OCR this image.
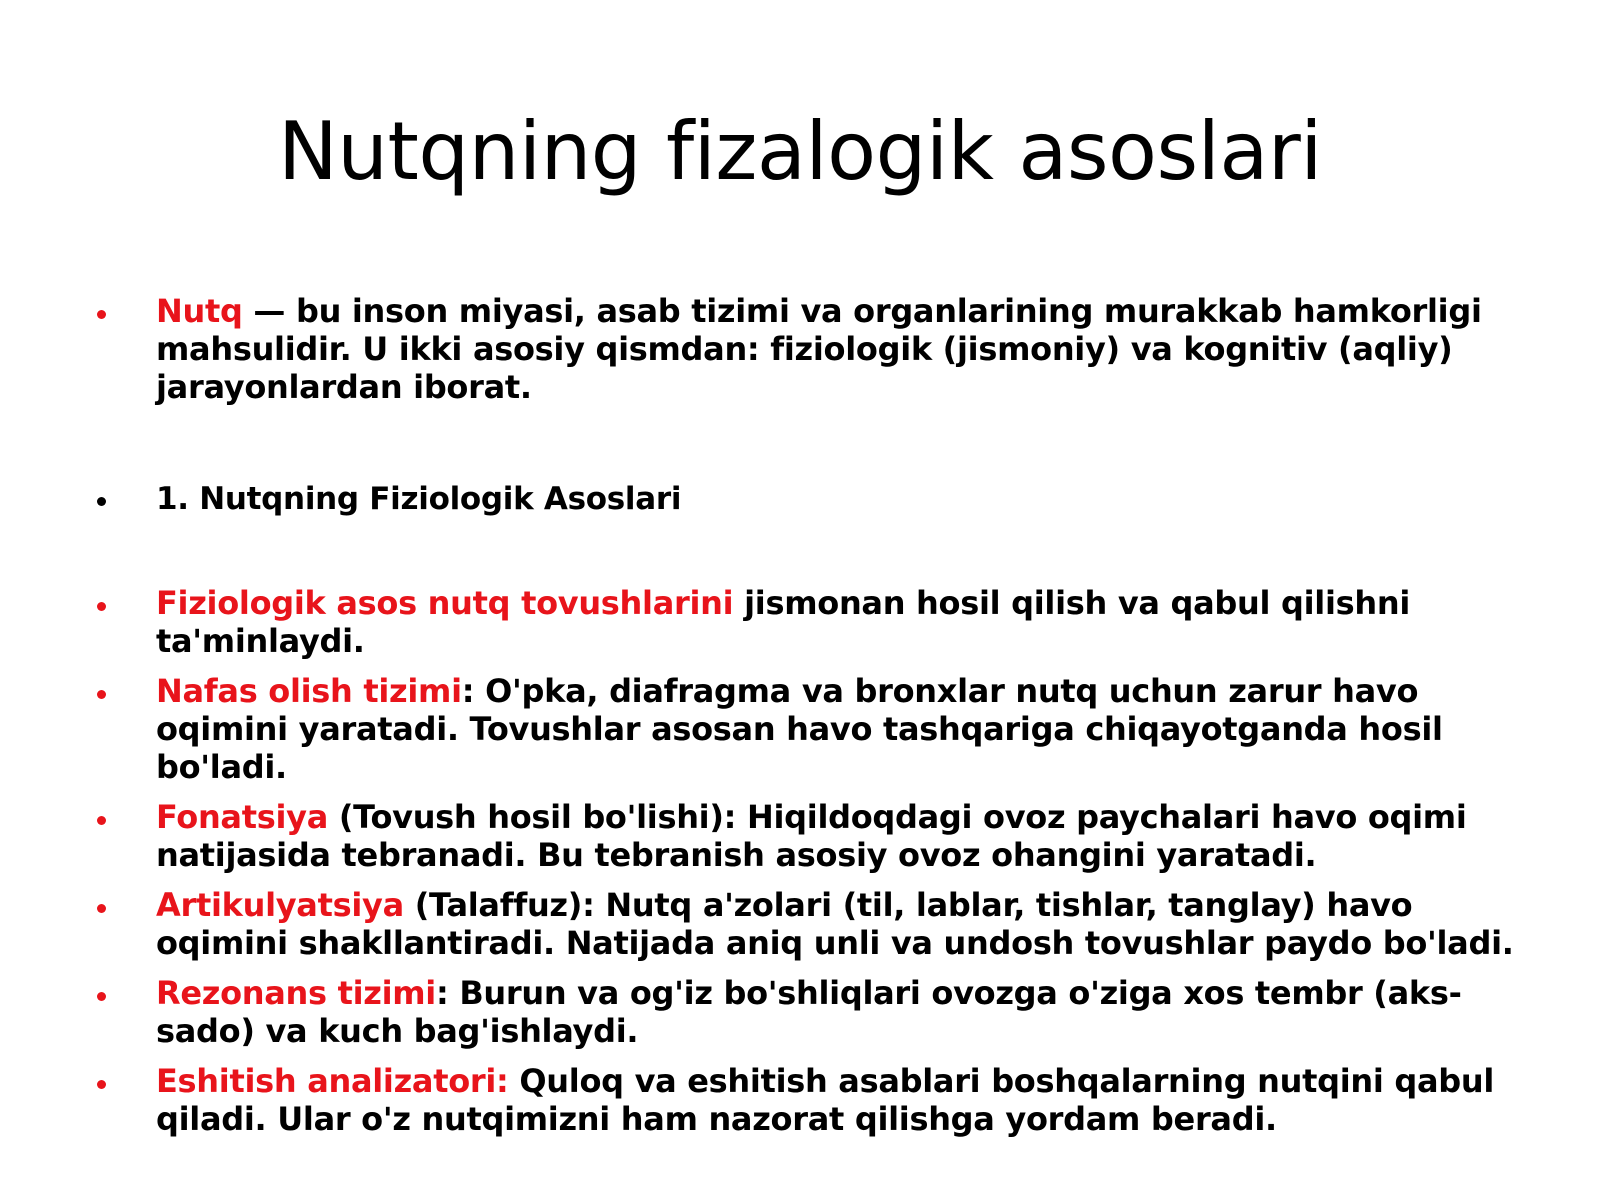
Nutqning fizalogik asoslari
Nutq — bu inson miyasi, asab tizimi va organlarining murakkab hamkorligi mahsulidir. U ikki asosiy qismdan: fiziologik (jismoniy) va kognitiv (aqliy) jarayonlardan iborat.
1. Nutqning Fiziologik Asoslari
Fiziologik asos nutq tovushlarini jismonan hosil qilish va qabul qilishni ta'minlaydi.
Nafas olish tizimi: O'pka, diafragma va bronxlar nutq uchun zarur havo oqimini yaratadi. Tovushlar asosan havo tashqariga chiqayotganda hosil bo'ladi.
Fonatsiya (Tovush hosil bo'lishi): Hiqildoqdagi ovoz paychalari havo oqimi natijasida tebranadi. Bu tebranish asosiy ovoz ohangini yaratadi.
Artikulyatsiya (Talaffuz): Nutq a'zolari (til, lablar, tishlar, tanglay) havo oqimini shakllantiradi. Natijada aniq unli va undosh tovushlar paydo bo'ladi.
Rezonans tizimi: Burun va og'iz bo'shliqlari ovozga o'ziga xos tembr (aks-sado) va kuch bag'ishlaydi.
Eshitish analizatori: Quloq va eshitish asablari boshqalarning nutqini qabul qiladi. Ular o'z nutqimizni ham nazorat qilishga yordam beradi.
